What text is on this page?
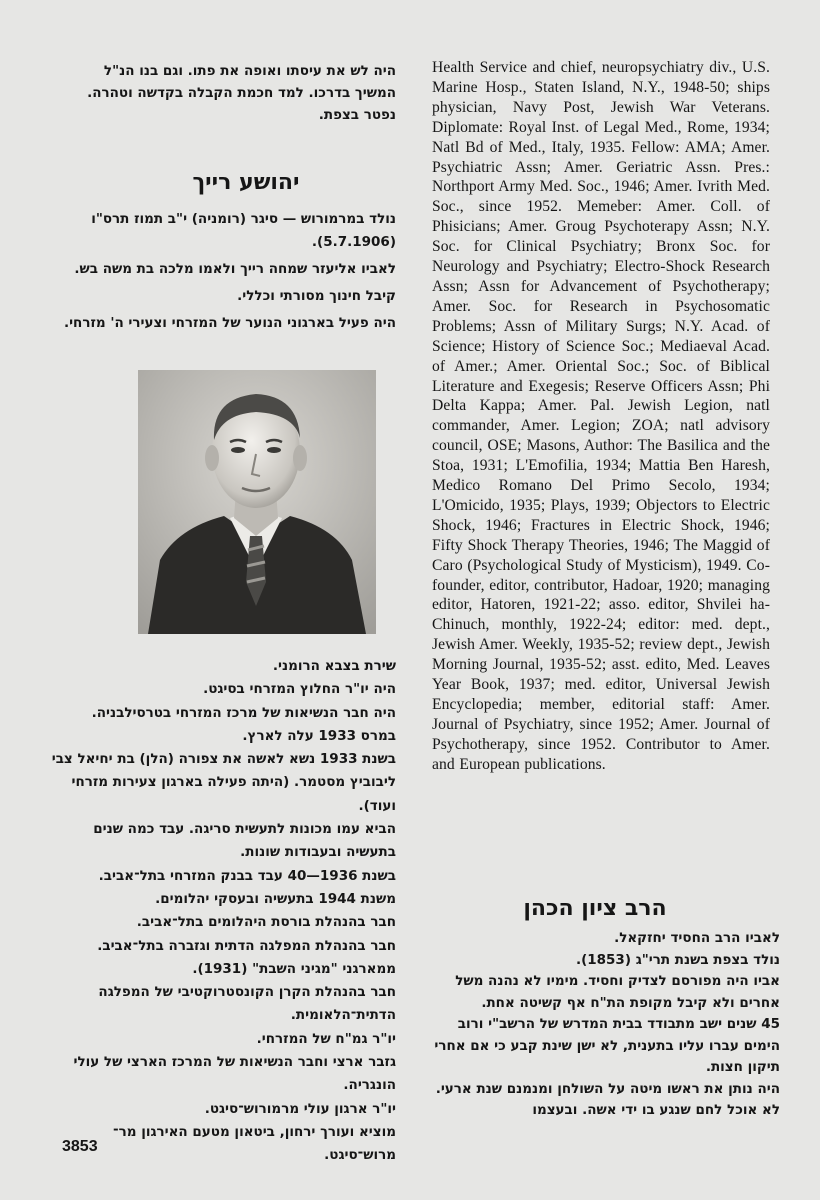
היה לש את עיסתו ואופה את פתו. וגם בנו הנ"ל

המשיך בדרכו. למד חכמת הקבלה בקדשה וטהרה.

נפטר בצפת.

יהושע רייך

נולד במרמורוש — סיגר (רומניה) י"ב תמוז תרס"ו (5.7.1906).

לאביו אליעזר שמחה רייך ולאמו מלכה בת משה בש.

קיבל חינוך מסורתי וכללי.

היה פעיל בארגוני הנוער של המזרחי וצעירי ה' מזרחי.

שירת בצבא הרומני.

היה יו"ר החלוץ המזרחי בסיגט.

היה חבר הנשיאות של מרכז המזרחי בטרסילבניה.

במרס 1933 עלה לארץ.

בשנת 1933 נשא לאשה את צפורה (הלן) בת יחיאל צבי ליבוביץ מסטמר. (היתה פעילה בארגון צעירות מזרחי ועוד).

הביא עמו מכונות לתעשית סריגה. עבד כמה שנים בתעשיה ובעבודות שונות.

בשנת 1936—40 עבד בבנק המזרחי בתל־אביב.

משנת 1944 בתעשיה ובעסקי יהלומים.

חבר בהנהלת בורסת היהלומים בתל־אביב.

חבר בהנהלת המפלגה הדתית וגזברה בתל־אביב.

ממארגני "מגיני השבת" (1931).

חבר בהנהלת הקרן הקונסטרוקטיבי של המפלגה הדתית־הלאומית.

יו"ר גמ"ח של המזרחי.

גזבר ארצי וחבר הנשיאות של המרכז הארצי של עולי הונגריה.

יו"ר ארגון עולי מרמורוש־סיגט.

מוציא ועורך ירחון, ביטאון מטעם האירגון מר־ מרוש־סיגט.

Health Service and chief, neuropsychiatry div., U.S. Marine Hosp., Staten Island, N.Y., 1948-50; ships physician, Navy Post, Jewish War Veterans. Diplomate: Royal Inst. of Legal Med., Rome, 1934; Natl Bd of Med., Italy, 1935. Fellow: AMA; Amer. Psychiatric Assn; Amer. Geriatric Assn. Pres.: Northport Army Med. Soc., 1946; Amer. Ivrith Med. Soc., since 1952. Memeber: Amer. Coll. of Phisicians; Amer. Groug Psychoterapy Assn; N.Y. Soc. for Clinical Psychiatry; Bronx Soc. for Neurology and Psychiatry; Electro-Shock Research Assn; Assn for Advancement of Psychotherapy; Amer. Soc. for Research in Psychosomatic Problems; Assn of Military Surgs; N.Y. Acad. of Science; History of Science Soc.; Mediaeval Acad. of Amer.; Amer. Oriental Soc.; Soc. of Biblical Literature and Exegesis; Reserve Officers Assn; Phi Delta Kappa; Amer. Pal. Jewish Legion, natl commander, Amer. Legion; ZOA; natl advisory council, OSE; Masons, Author: The Basilica and the Stoa, 1931; L'Emofilia, 1934; Mattia Ben Haresh, Medico Romano Del Primo Secolo, 1934; L'Omicido, 1935; Plays, 1939; Objectors to Electric Shock, 1946; Fractures in Electric Shock, 1946; Fifty Shock Therapy Theories, 1946; The Maggid of Caro (Psychological Study of Mysticism), 1949. Co-founder, editor, contributor, Hadoar, 1920; managing editor, Hatoren, 1921-22; asso. editor, Shvilei ha-Chinuch, monthly, 1922-24; editor: med. dept., Jewish Amer. Weekly, 1935-52; review dept., Jewish Morning Journal, 1935-52; asst. edito, Med. Leaves Year Book, 1937; med. editor, Universal Jewish Encyclopedia; member, editorial staff: Amer. Journal of Psychiatry, since 1952; Amer. Journal of Psychotherapy, since 1952. Contributor to Amer. and European publications.
הרב ציון הכהן

לאביו הרב החסיד יחזקאל.

נולד בצפת בשנת תרי"ג (1853).

אביו היה מפורסם לצדיק וחסיד. מימיו לא נהנה משל אחרים ולא קיבל מקופת הת"ח אף קשיטה אחת.

45 שנים ישב מתבודד בבית המדרש של הרשב"י ורוב הימים עברו עליו בתענית, לא ישן שינת קבע כי אם אחרי תיקון חצות.

היה נותן את ראשו מיטה על השולחן ומנמנם שנת ארעי. לא אוכל לחם שנגע בו ידי אשה. ובעצמו

3853
